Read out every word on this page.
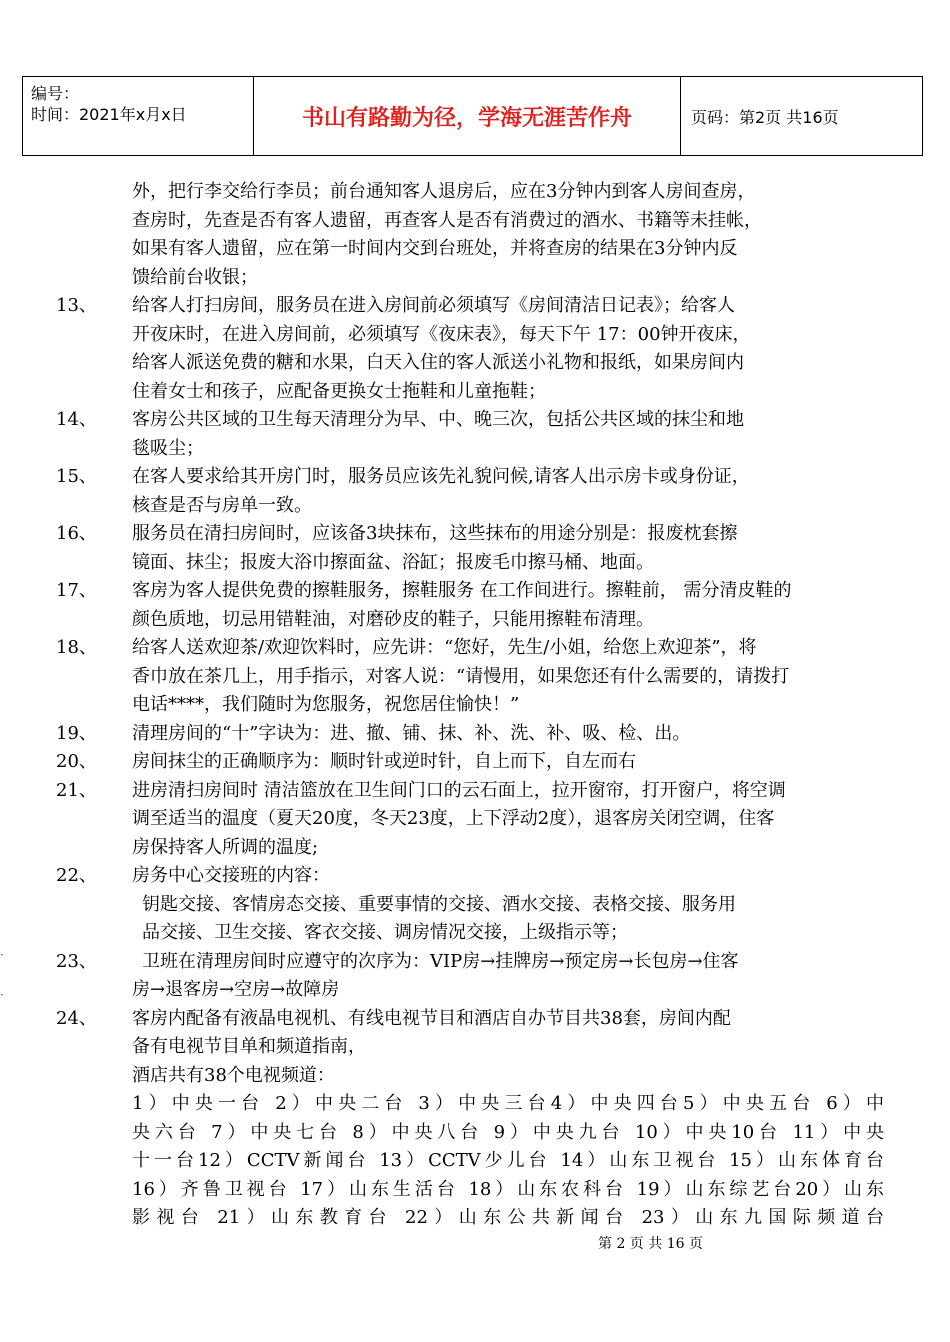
编号：
时间：2021年x月x日	书山有路勤为径，学海无涯苦作舟	页码：第2页 共16页
·
·
外，把行李交给行李员；前台通知客人退房后，应在3分钟内到客人房间查房，
查房时，先查是否有客人遗留，再查客人是否有消费过的酒水、书籍等未挂帐，
如果有客人遗留，应在第一时间内交到台班处，并将查房的结果在3分钟内反
馈给前台收银；
13、	给客人打扫房间，服务员在进入房间前必须填写《房间清洁日记表》；给客人
开夜床时，在进入房间前，必须填写《夜床表》，每天下午 17：00钟开夜床，
给客人派送免费的糖和水果，白天入住的客人派送小礼物和报纸，如果房间内
住着女士和孩子，应配备更换女士拖鞋和儿童拖鞋；
14、	客房公共区域的卫生每天清理分为早、中、晚三次，包括公共区域的抹尘和地
毯吸尘；
15、	在客人要求给其开房门时，服务员应该先礼貌问候,请客人出示房卡或身份证，
核查是否与房单一致。
16、	服务员在清扫房间时，应该备3块抹布，这些抹布的用途分别是：报废枕套擦
镜面、抹尘；报废大浴巾擦面盆、浴缸；报废毛巾擦马桶、地面。
17、	客房为客人提供免费的擦鞋服务，擦鞋服务 在工作间进行。擦鞋前， 需分清皮鞋的
颜色质地，切忌用错鞋油，对磨砂皮的鞋子，只能用擦鞋布清理。
18、	给客人送欢迎茶/欢迎饮料时，应先讲：“您好，先生/小姐，给您上欢迎茶”，将
香巾放在茶几上，用手指示，对客人说：“请慢用，如果您还有什么需要的，请拨打
电话****，我们随时为您服务，祝您居住愉快！”
19、	清理房间的“十”字诀为：进、撤、铺、抹、补、洗、补、吸、检、出。
20、	房间抹尘的正确顺序为：顺时针或逆时针，自上而下，自左而右
21、	进房清扫房间时 清洁篮放在卫生间门口的云石面上，拉开窗帘，打开窗户，将空调
调至适当的温度（夏天20度，冬天23度，上下浮动2度），退客房关闭空调，住客
房保持客人所调的温度;
22、	房务中心交接班的内容：
钥匙交接、客情房态交接、重要事情的交接、酒水交接、表格交接、服务用
品交接、卫生交接、客衣交接、调房情况交接，上级指示等；
23、	卫班在清理房间时应遵守的次序为：VIP房→挂牌房→预定房→长包房→住客
房→退客房→空房→故障房
24、	客房内配备有液晶电视机、有线电视节目和酒店自办节目共38套，房间内配
备有电视节目单和频道指南，
酒店共有38个电视频道：
1）中央一台 2）中央二台 3）中央三台4）中央四台5）中央五台 6）中
央六台 7）中央七台 8）中央八台 9）中央九台 10）中央10台 11）中央
十一台12）CCTV新闻台 13）CCTV少儿台 14）山东卫视台 15）山东体育台
16）齐鲁卫视台 17）山东生活台 18）山东农科台 19）山东综艺台20）山东
影视台 21）山东教育台 22）山东公共新闻台 23）山东九国际频道台
第 2 页 共 16 页
